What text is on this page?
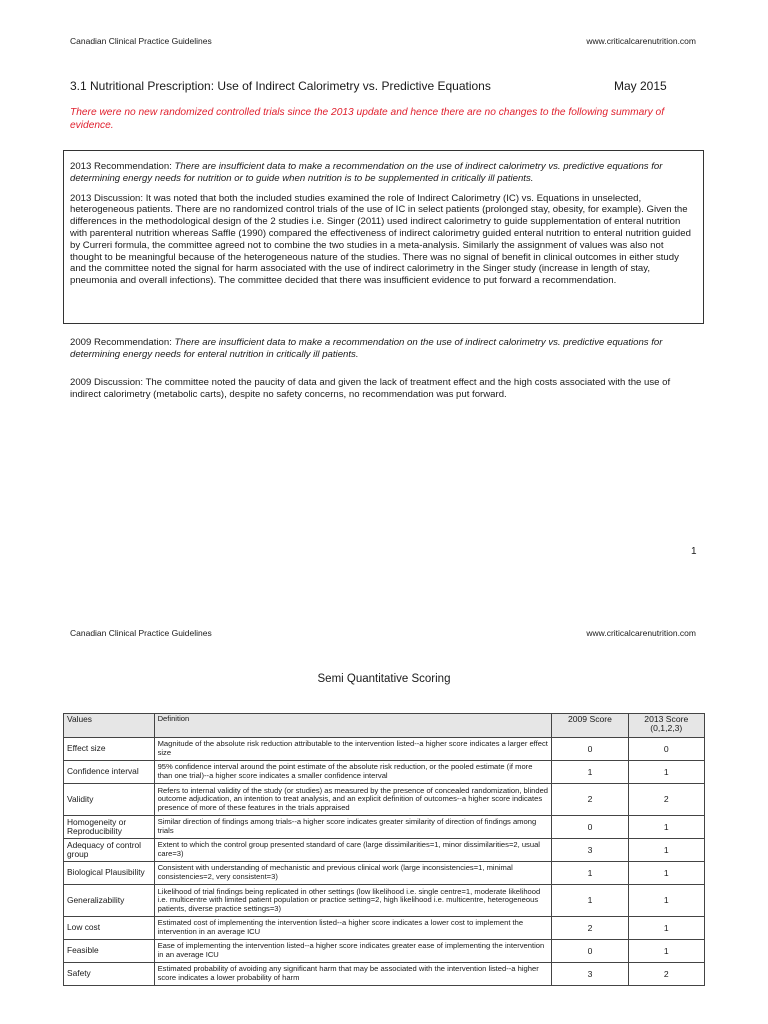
Canadian Clinical Practice Guidelines	www.criticalcarenutrition.com
3.1 Nutritional Prescription: Use of Indirect Calorimetry vs. Predictive Equations	May 2015
There were no new randomized controlled trials since the 2013 update and hence there are no changes to the following summary of evidence.

2013 Recommendation: There are insufficient data to make a recommendation on the use of indirect calorimetry vs. predictive equations for determining energy needs for nutrition or to guide when nutrition is to be supplemented in critically ill patients.

2013 Discussion: It was noted that both the included studies examined the role of Indirect Calorimetry (IC) vs. Equations in unselected, heterogeneous patients. There are no randomized control trials of the use of IC in select patients (prolonged stay, obesity, for example). Given the differences in the methodological design of the 2 studies i.e. Singer (2011) used indirect calorimetry to guide supplementation of enteral nutrition with parenteral nutrition whereas Saffle (1990) compared the effectiveness of indirect calorimetry guided enteral nutrition to enteral nutrition guided by Curreri formula, the committee agreed not to combine the two studies in a meta-analysis. Similarly the assignment of values was also not thought to be meaningful because of the heterogeneous nature of the studies. There was no signal of benefit in clinical outcomes in either study and the committee noted the signal for harm associated with the use of indirect calorimetry in the Singer study (increase in length of stay, pneumonia and overall infections). The committee decided that there was insufficient evidence to put forward a recommendation.

2009 Recommendation: There are insufficient data to make a recommendation on the use of indirect calorimetry vs. predictive equations for determining energy needs for enteral nutrition in critically ill patients.

2009 Discussion: The committee noted the paucity of data and given the lack of treatment effect and the high costs associated with the use of indirect calorimetry (metabolic carts), despite no safety concerns, no recommendation was put forward.

1
Canadian Clinical Practice Guidelines	www.criticalcarenutrition.com
Semi Quantitative Scoring
Values	Definition	2009 Score	2013 Score (0,1,2,3)
Effect size	Magnitude of the absolute risk reduction attributable to the intervention listed--a higher score indicates a larger effect size	0	0
Confidence interval	95% confidence interval around the point estimate of the absolute risk reduction, or the pooled estimate (if more than one trial)--a higher score indicates a smaller confidence interval	1	1
Validity	Refers to internal validity of the study (or studies) as measured by the presence of concealed randomization, blinded outcome adjudication, an intention to treat analysis, and an explicit definition of outcomes--a higher score indicates presence of more of these features in the trials appraised	2	2
Homogeneity or Reproducibility	Similar direction of findings among trials--a higher score indicates greater similarity of direction of findings among trials	0	1
Adequacy of control group	Extent to which the control group presented standard of care (large dissimilarities=1, minor dissimilarities=2, usual care=3)	3	1
Biological Plausibility	Consistent with understanding of mechanistic and previous clinical work (large inconsistencies=1, minimal consistencies=2, very consistent=3)	1	1
Generalizability	Likelihood of trial findings being replicated in other settings (low likelihood i.e. single centre=1, moderate likelihood i.e. multicentre with limited patient population or practice setting=2, high likelihood i.e. multicentre, heterogeneous patients, diverse practice settings=3)	1	1
Low cost	Estimated cost of implementing the intervention listed--a higher score indicates a lower cost to implement the intervention in an average ICU	2	1
Feasible	Ease of implementing the intervention listed--a higher score indicates greater ease of implementing the intervention in an average ICU	0	1
Safety	Estimated probability of avoiding any significant harm that may be associated with the intervention listed--a higher score indicates a lower probability of harm	3	2
